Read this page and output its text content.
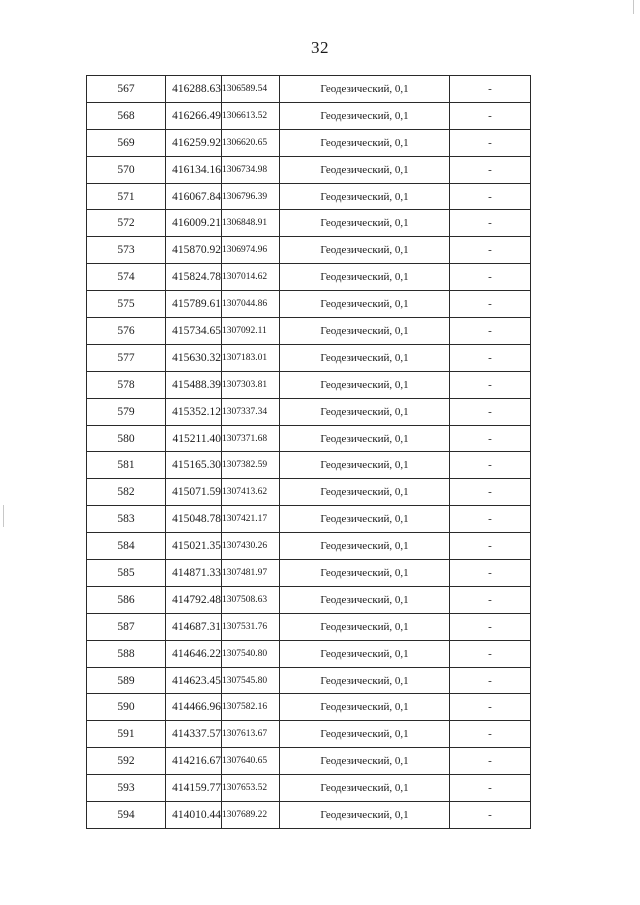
32
567	416288.63	1306589.54	Геодезический, 0,1	-
568	416266.49	1306613.52	Геодезический, 0,1	-
569	416259.92	1306620.65	Геодезический, 0,1	-
570	416134.16	1306734.98	Геодезический, 0,1	-
571	416067.84	1306796.39	Геодезический, 0,1	-
572	416009.21	1306848.91	Геодезический, 0,1	-
573	415870.92	1306974.96	Геодезический, 0,1	-
574	415824.78	1307014.62	Геодезический, 0,1	-
575	415789.61	1307044.86	Геодезический, 0,1	-
576	415734.65	1307092.11	Геодезический, 0,1	-
577	415630.32	1307183.01	Геодезический, 0,1	-
578	415488.39	1307303.81	Геодезический, 0,1	-
579	415352.12	1307337.34	Геодезический, 0,1	-
580	415211.40	1307371.68	Геодезический, 0,1	-
581	415165.30	1307382.59	Геодезический, 0,1	-
582	415071.59	1307413.62	Геодезический, 0,1	-
583	415048.78	1307421.17	Геодезический, 0,1	-
584	415021.35	1307430.26	Геодезический, 0,1	-
585	414871.33	1307481.97	Геодезический, 0,1	-
586	414792.48	1307508.63	Геодезический, 0,1	-
587	414687.31	1307531.76	Геодезический, 0,1	-
588	414646.22	1307540.80	Геодезический, 0,1	-
589	414623.45	1307545.80	Геодезический, 0,1	-
590	414466.96	1307582.16	Геодезический, 0,1	-
591	414337.57	1307613.67	Геодезический, 0,1	-
592	414216.67	1307640.65	Геодезический, 0,1	-
593	414159.77	1307653.52	Геодезический, 0,1	-
594	414010.44	1307689.22	Геодезический, 0,1	-
